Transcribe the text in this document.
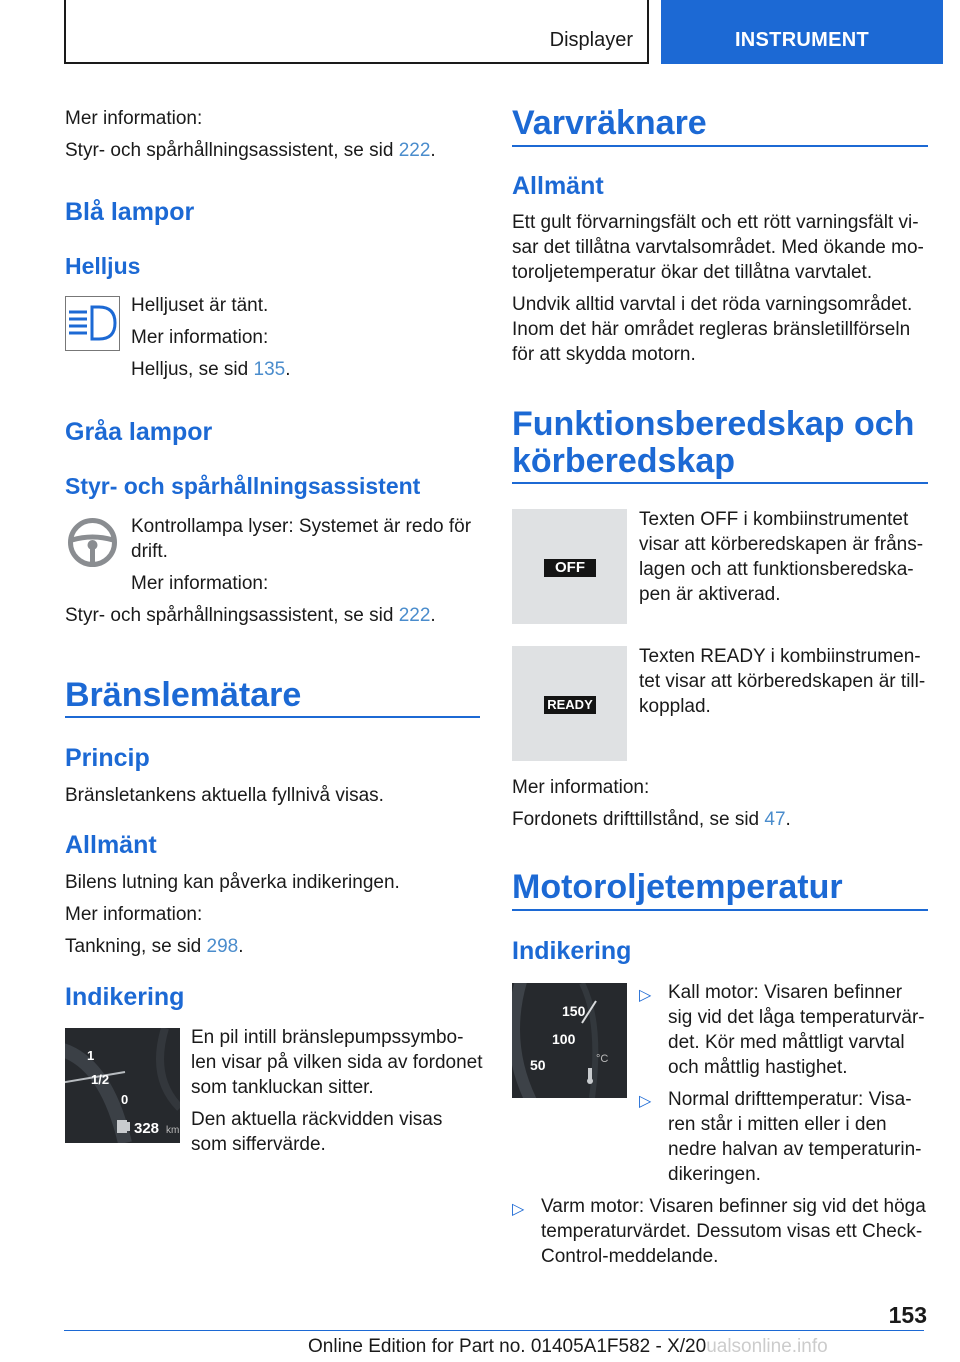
Displayer	INSTRUMENT
Mer information:
Styr- och spårhållningsassistent, se sid 222.
Blå lampor
Helljus
Helljuset är tänt.
Mer information:
Helljus, se sid 135.
Gråa lampor
Styr- och spårhållningsassistent
Kontrollampa lyser: Systemet är redo för
drift.
Mer information:
Styr- och spårhållningsassistent, se sid 222.
Bränslemätare
Princip
Bränsletankens aktuella fyllnivå visas.
Allmänt
Bilens lutning kan påverka indikeringen.
Mer information:
Tankning, se sid 298.
Indikering
1
1/2
0
328 km
En pil intill bränslepumpssymbo-
len visar på vilken sida av fordonet
som tankluckan sitter.
Den aktuella räckvidden visas
som siffervärde.
Varvräknare
Allmänt
Ett gult förvarningsfält och ett rött varningsfält vi-
sar det tillåtna varvtalsområdet. Med ökande mo-
toroljetemperatur ökar det tillåtna varvtalet.
Undvik alltid varvtal i det röda varningsområdet.
Inom det här området regleras bränsletillförseln
för att skydda motorn.
Funktionsberedskap och
körberedskap
OFF
Texten OFF i kombiinstrumentet
visar att körberedskapen är fråns-
lagen och att funktionsberedska-
pen är aktiverad.
READY
Texten READY i kombiinstrumen-
tet visar att körberedskapen är till-
kopplad.
Mer information:
Fordonets drifttillstånd, se sid 47.
Motoroljetemperatur
Indikering
150
100
50	°C
▷ Kall motor: Visaren befinner
sig vid det låga temperaturvär-
det. Kör med måttligt varvtal
och måttlig hastighet.
▷ Normal drifttemperatur: Visa-
ren står i mitten eller i den
nedre halvan av temperaturin-
dikeringen.
▷ Varm motor: Visaren befinner sig vid det höga
temperaturvärdet. Dessutom visas ett Check-
Control-meddelande.
153
Online Edition for Part no. 01405A1F582 - X/20ualsonline.info
